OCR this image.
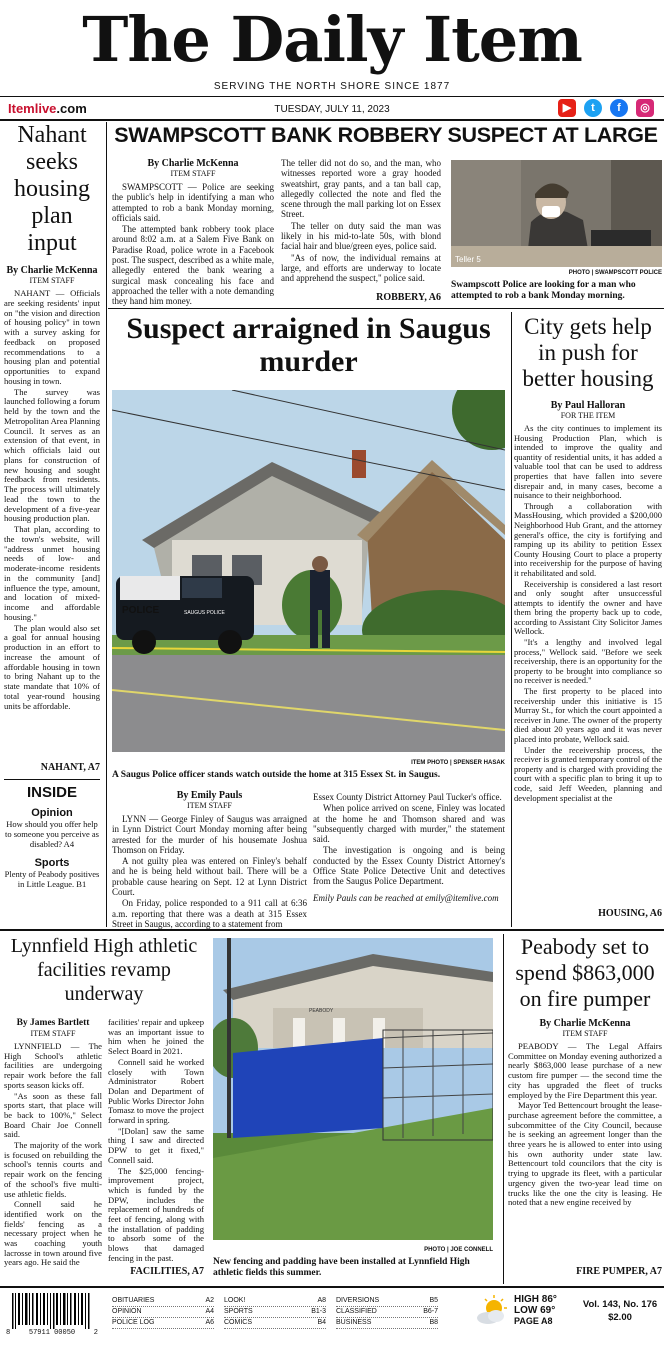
The Daily Item
SERVING THE NORTH SHORE SINCE 1877
Itemlive.com	TUESDAY, JULY 11, 2023	▶	t	f	◎
Nahant seeks housing plan input
By Charlie McKenna
ITEM STAFF

NAHANT — Officials are seeking residents' input on "the vision and direction of housing policy" in town with a survey asking for feedback on proposed recommendations to a housing plan and potential opportunities to expand housing in town.

The survey was launched following a forum held by the town and the Metropolitan Area Planning Council. It serves as an extension of that event, in which officials laid out plans for construction of new housing and sought feedback from residents. The process will ultimately lead the town to the development of a five-year housing production plan.

That plan, according to the town's website, will "address unmet housing needs of low- and moderate-income residents in the community [and] influence the type, amount, and location of mixed-income and affordable housing."

The plan would also set a goal for annual housing production in an effort to increase the amount of affordable housing in town to bring Nahant up to the state mandate that 10% of total year-round housing units be affordable.

NAHANT, A7
INSIDE
Opinion
How should you offer help to someone you perceive as disabled? A4
Sports
Plenty of Peabody positives in Little League. B1
SWAMPSCOTT BANK ROBBERY SUSPECT AT LARGE
By Charlie McKenna
ITEM STAFF

SWAMPSCOTT — Police are seeking the public's help in identifying a man who attempted to rob a bank Monday morning, officials said.

The attempted bank robbery took place around 8:02 a.m. at a Salem Five Bank on Paradise Road, police wrote in a Facebook post. The suspect, described as a white male, allegedly entered the bank wearing a surgical mask concealing his face and approached the teller with a note demanding they hand him money.

The teller did not do so, and the man, who witnesses reported wore a gray hooded sweatshirt, gray pants, and a tan ball cap, allegedly collected the note and fled the scene through the mall parking lot on Essex Street.

The teller on duty said the man was likely in his mid-to-late 50s, with blond facial hair and blue/green eyes, police said.

"As of now, the individual remains at large, and efforts are underway to locate and apprehend the suspect," police said.

ROBBERY, A6
Teller 5
PHOTO | SWAMPSCOTT POLICE
Swampscott Police are looking for a man who attempted to rob a bank Monday morning.
Suspect arraigned in Saugus murder
POLICE	SAUGUS POLICE
ITEM PHOTO | SPENSER HASAK
A Saugus Police officer stands watch outside the home at 315 Essex St. in Saugus.
By Emily Pauls
ITEM STAFF

LYNN — George Finley of Saugus was arraigned in Lynn District Court Monday morning after being arrested for the murder of his housemate Joshua Thomson on Friday.

A not guilty plea was entered on Finley's behalf and he is being held without bail. There will be a probable cause hearing on Sept. 12 at Lynn District Court.

On Friday, police responded to a 911 call at 6:36 a.m. reporting that there was a death at 315 Essex Street in Saugus, according to a statement from

Essex County District Attorney Paul Tucker's office.

When police arrived on scene, Finley was located at the home he and Thomson shared and was "subsequently charged with murder," the statement said.

The investigation is ongoing and is being conducted by the Essex County District Attorney's Office State Police Detective Unit and detectives from the Saugus Police Department.

Emily Pauls can be reached at emily@itemlive.com

City gets help in push for better housing
By Paul Halloran
FOR THE ITEM

As the city continues to implement its Housing Production Plan, which is intended to improve the quality and quantity of residential units, it has added a valuable tool that can be used to address properties that have fallen into severe disrepair and, in many cases, become a nuisance to their neighborhood.

Through a collaboration with MassHousing, which provided a $200,000 Neighborhood Hub Grant, and the attorney general's office, the city is fortifying and ramping up its ability to petition Essex County Housing Court to place a property into receivership for the purpose of having it rehabilitated and sold.

Receivership is considered a last resort and only sought after unsuccessful attempts to identify the owner and have them bring the property back up to code, according to Assistant City Solicitor James Wellock.

"It's a lengthy and involved legal process," Wellock said. "Before we seek receivership, there is an opportunity for the property to be brought into compliance so no receiver is needed."

The first property to be placed into receivership under this initiative is 15 Murray St., for which the court appointed a receiver in June. The owner of the property died about 20 years ago and it was never placed into probate, Wellock said.

Under the receivership process, the receiver is granted temporary control of the property and is charged with providing the court with a specific plan to bring it up to code, said Jeff Weeden, planning and development specialist at the

HOUSING, A6
Lynnfield High athletic facilities revamp underway
By James Bartlett
ITEM STAFF

LYNNFIELD — The High School's athletic facilities are undergoing repair work before the fall sports season kicks off.

"As soon as these fall sports start, that place will be back to 100%," Select Board Chair Joe Connell said.

The majority of the work is focused on rebuilding the school's tennis courts and repair work on the fencing of the school's five multi-use athletic fields.

Connell said he identified work on the fields' fencing as a necessary project when he was coaching youth lacrosse in town around five years ago. He said the

facilities' repair and upkeep was an important issue to him when he joined the Select Board in 2021.

Connell said he worked closely with Town Administrator Robert Dolan and Department of Public Works Director John Tomasz to move the project forward in spring.

"[Dolan] saw the same thing I saw and directed DPW to get it fixed," Connell said.

The $25,000 fencing-improvement project, which is funded by the DPW, includes the replacement of hundreds of feet of fencing, along with the installation of padding to absorb some of the blows that damaged fencing in the past.

FACILITIES, A7
PEABODY
PHOTO | JOE CONNELL
New fencing and padding have been installed at Lynnfield High athletic fields this summer.
Peabody set to spend $863,000 on fire pumper
By Charlie McKenna
ITEM STAFF

PEABODY — The Legal Affairs Committee on Monday evening authorized a nearly $863,000 lease purchase of a new custom fire pumper — the second time the city has upgraded the fleet of trucks employed by the Fire Department this year.

Mayor Ted Bettencourt brought the lease-purchase agreement before the committee, a subcommittee of the City Council, because he is seeking an agreement longer than the three years he is allowed to enter into using his own authority under state law. Bettencourt told councilors that the city is trying to upgrade its fleet, with a particular urgency given the two-year lead time on trucks like the one the city is leasing. He noted that a new engine received by

FIRE PUMPER, A7
8	57911 00050	2
OBITUARIES	A2
OPINION	A4
POLICE LOG	A6
LOOK!	A8
SPORTS	B1-3
COMICS	B4
DIVERSIONS	B5
CLASSIFIED	B6-7
BUSINESS	B8
HIGH 86°
LOW 69°
PAGE A8
Vol. 143, No. 176
$2.00
